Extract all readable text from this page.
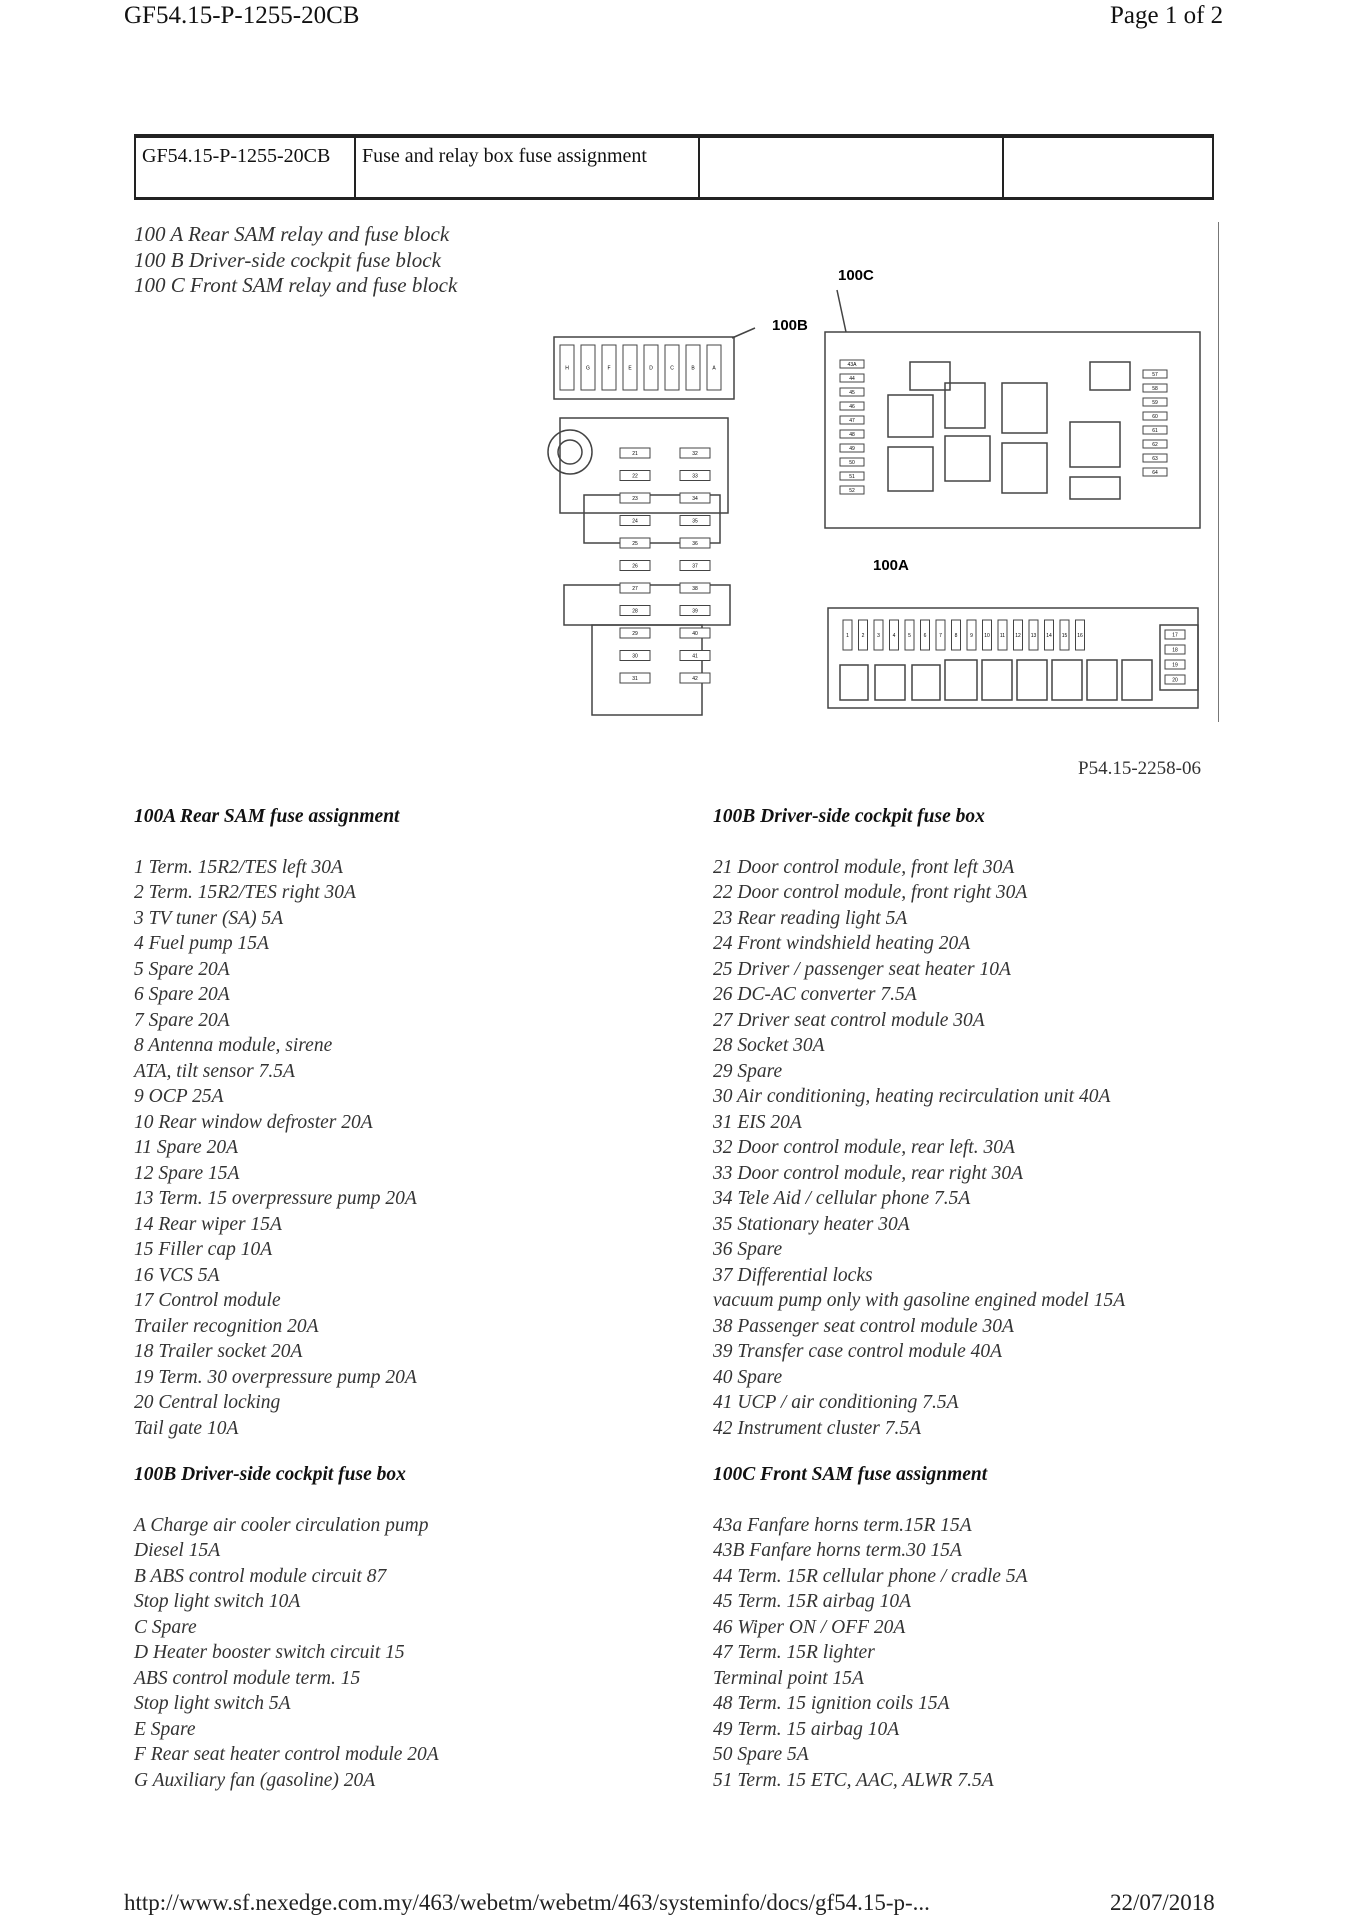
GF54.15-P-1255-20CB	Page 1 of 2
GF54.15-P-1255-20CB	Fuse and relay box fuse assignment		
100 A Rear SAM relay and fuse block
100 B Driver-side cockpit fuse block
100 C Front SAM relay and fuse block
H	G	F	E	D	C	B	A
21
22
23
24
25
26
27
28
29
30
31
32
33
34
35
36
37
38
39
40
41
42
43A
44
45
46
47
48
49
50
51
52
57
58
59
60
61
62
63
64
1	2	3	4	5	6	7	8	9 10 11 12 13 14 15 16	17
18
19
20
100C
100B
100A
P54.15-2258-06
100A Rear SAM fuse assignment
1 Term. 15R2/TES left 30A
2 Term. 15R2/TES right 30A
3 TV tuner (SA) 5A
4 Fuel pump 15A
5 Spare 20A
6 Spare 20A
7 Spare 20A
8 Antenna module, sirene
ATA, tilt sensor 7.5A
9 OCP 25A
10 Rear window defroster 20A
11 Spare 20A
12 Spare 15A
13 Term. 15 overpressure pump 20A
14 Rear wiper 15A
15 Filler cap 10A
16 VCS 5A
17 Control module
Trailer recognition 20A
18 Trailer socket 20A
19 Term. 30 overpressure pump 20A
20 Central locking
Tail gate 10A
100B Driver-side cockpit fuse box
21 Door control module, front left 30A
22 Door control module, front right 30A
23 Rear reading light 5A
24 Front windshield heating 20A
25 Driver / passenger seat heater 10A
26 DC-AC converter 7.5A
27 Driver seat control module 30A
28 Socket 30A
29 Spare
30 Air conditioning, heating recirculation unit 40A
31 EIS 20A
32 Door control module, rear left. 30A
33 Door control module, rear right 30A
34 Tele Aid / cellular phone 7.5A
35 Stationary heater 30A
36 Spare
37 Differential locks
vacuum pump only with gasoline engined model 15A
38 Passenger seat control module 30A
39 Transfer case control module 40A
40 Spare
41 UCP / air conditioning 7.5A
42 Instrument cluster 7.5A
100B Driver-side cockpit fuse box
A Charge air cooler circulation pump
Diesel 15A
B ABS control module circuit 87
Stop light switch 10A
C Spare
D Heater booster switch circuit 15
ABS control module term. 15
Stop light switch 5A
E Spare
F Rear seat heater control module 20A
G Auxiliary fan (gasoline) 20A
100C Front SAM fuse assignment
43a Fanfare horns term.15R 15A
43B Fanfare horns term.30 15A
44 Term. 15R cellular phone / cradle 5A
45 Term. 15R airbag 10A
46 Wiper ON / OFF 20A
47 Term. 15R lighter
Terminal point 15A
48 Term. 15 ignition coils 15A
49 Term. 15 airbag 10A
50 Spare 5A
51 Term. 15 ETC, AAC, ALWR 7.5A
http://www.sf.nexedge.com.my/463/webetm/webetm/463/systeminfo/docs/gf54.15-p-...	22/07/2018
